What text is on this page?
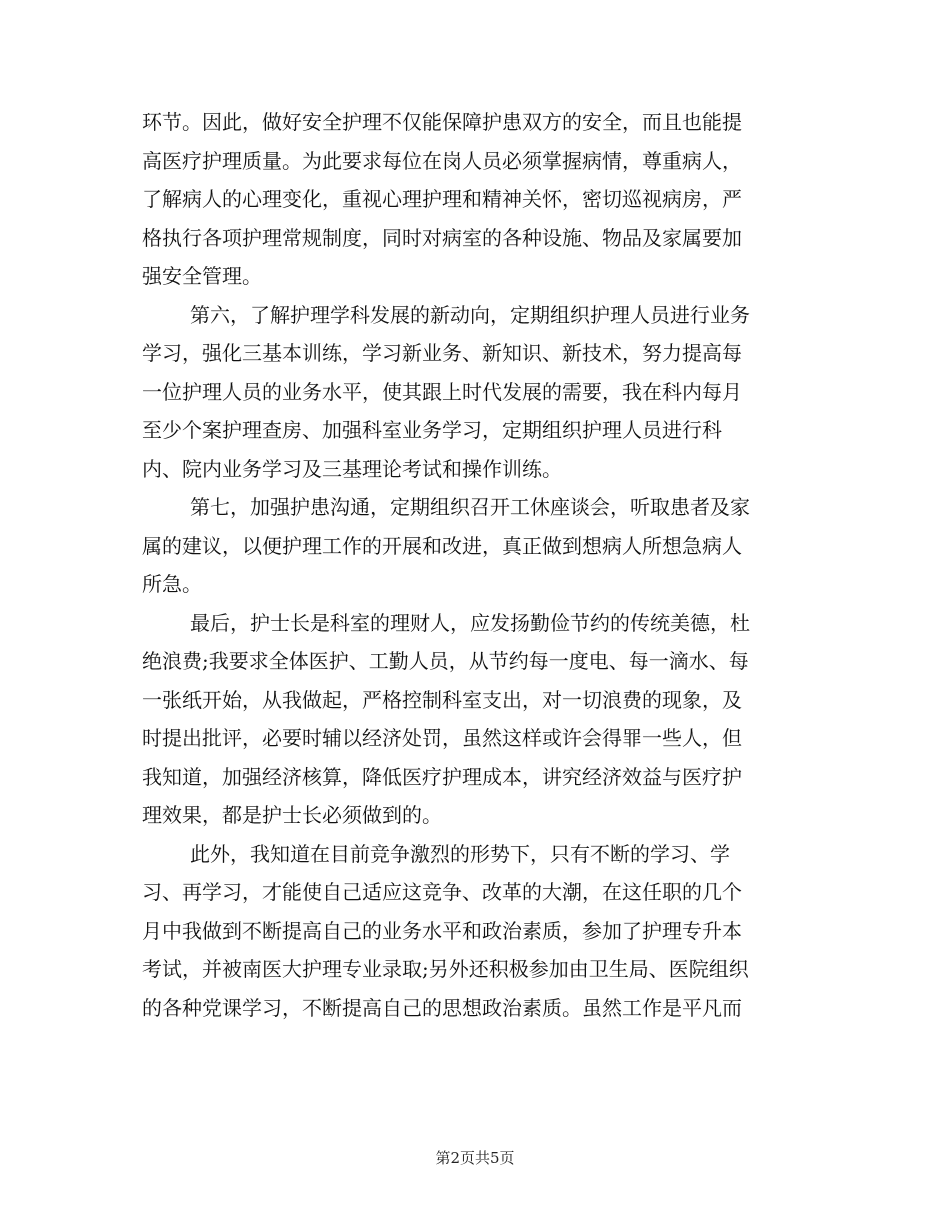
环节。因此，做好安全护理不仅能保障护患双方的安全，而且也能提
高医疗护理质量。为此要求每位在岗人员必须掌握病情，尊重病人，
了解病人的心理变化，重视心理护理和精神关怀，密切巡视病房，严
格执行各项护理常规制度，同时对病室的各种设施、物品及家属要加
强安全管理。
第六，了解护理学科发展的新动向，定期组织护理人员进行业务
学习，强化三基本训练，学习新业务、新知识、新技术，努力提高每
一位护理人员的业务水平，使其跟上时代发展的需要，我在科内每月
至少个案护理查房、加强科室业务学习，定期组织护理人员进行科
内、院内业务学习及三基理论考试和操作训练。
第七，加强护患沟通，定期组织召开工休座谈会，听取患者及家
属的建议，以便护理工作的开展和改进，真正做到想病人所想急病人
所急。
最后，护士长是科室的理财人，应发扬勤俭节约的传统美德，杜
绝浪费;我要求全体医护、工勤人员，从节约每一度电、每一滴水、每
一张纸开始，从我做起，严格控制科室支出，对一切浪费的现象，及
时提出批评，必要时辅以经济处罚，虽然这样或许会得罪一些人，但
我知道，加强经济核算，降低医疗护理成本，讲究经济效益与医疗护
理效果，都是护士长必须做到的。
此外，我知道在目前竞争激烈的形势下，只有不断的学习、学
习、再学习，才能使自己适应这竞争、改革的大潮，在这任职的几个
月中我做到不断提高自己的业务水平和政治素质，参加了护理专升本
考试，并被南医大护理专业录取;另外还积极参加由卫生局、医院组织
的各种党课学习，不断提高自己的思想政治素质。虽然工作是平凡而
第2页共5页
